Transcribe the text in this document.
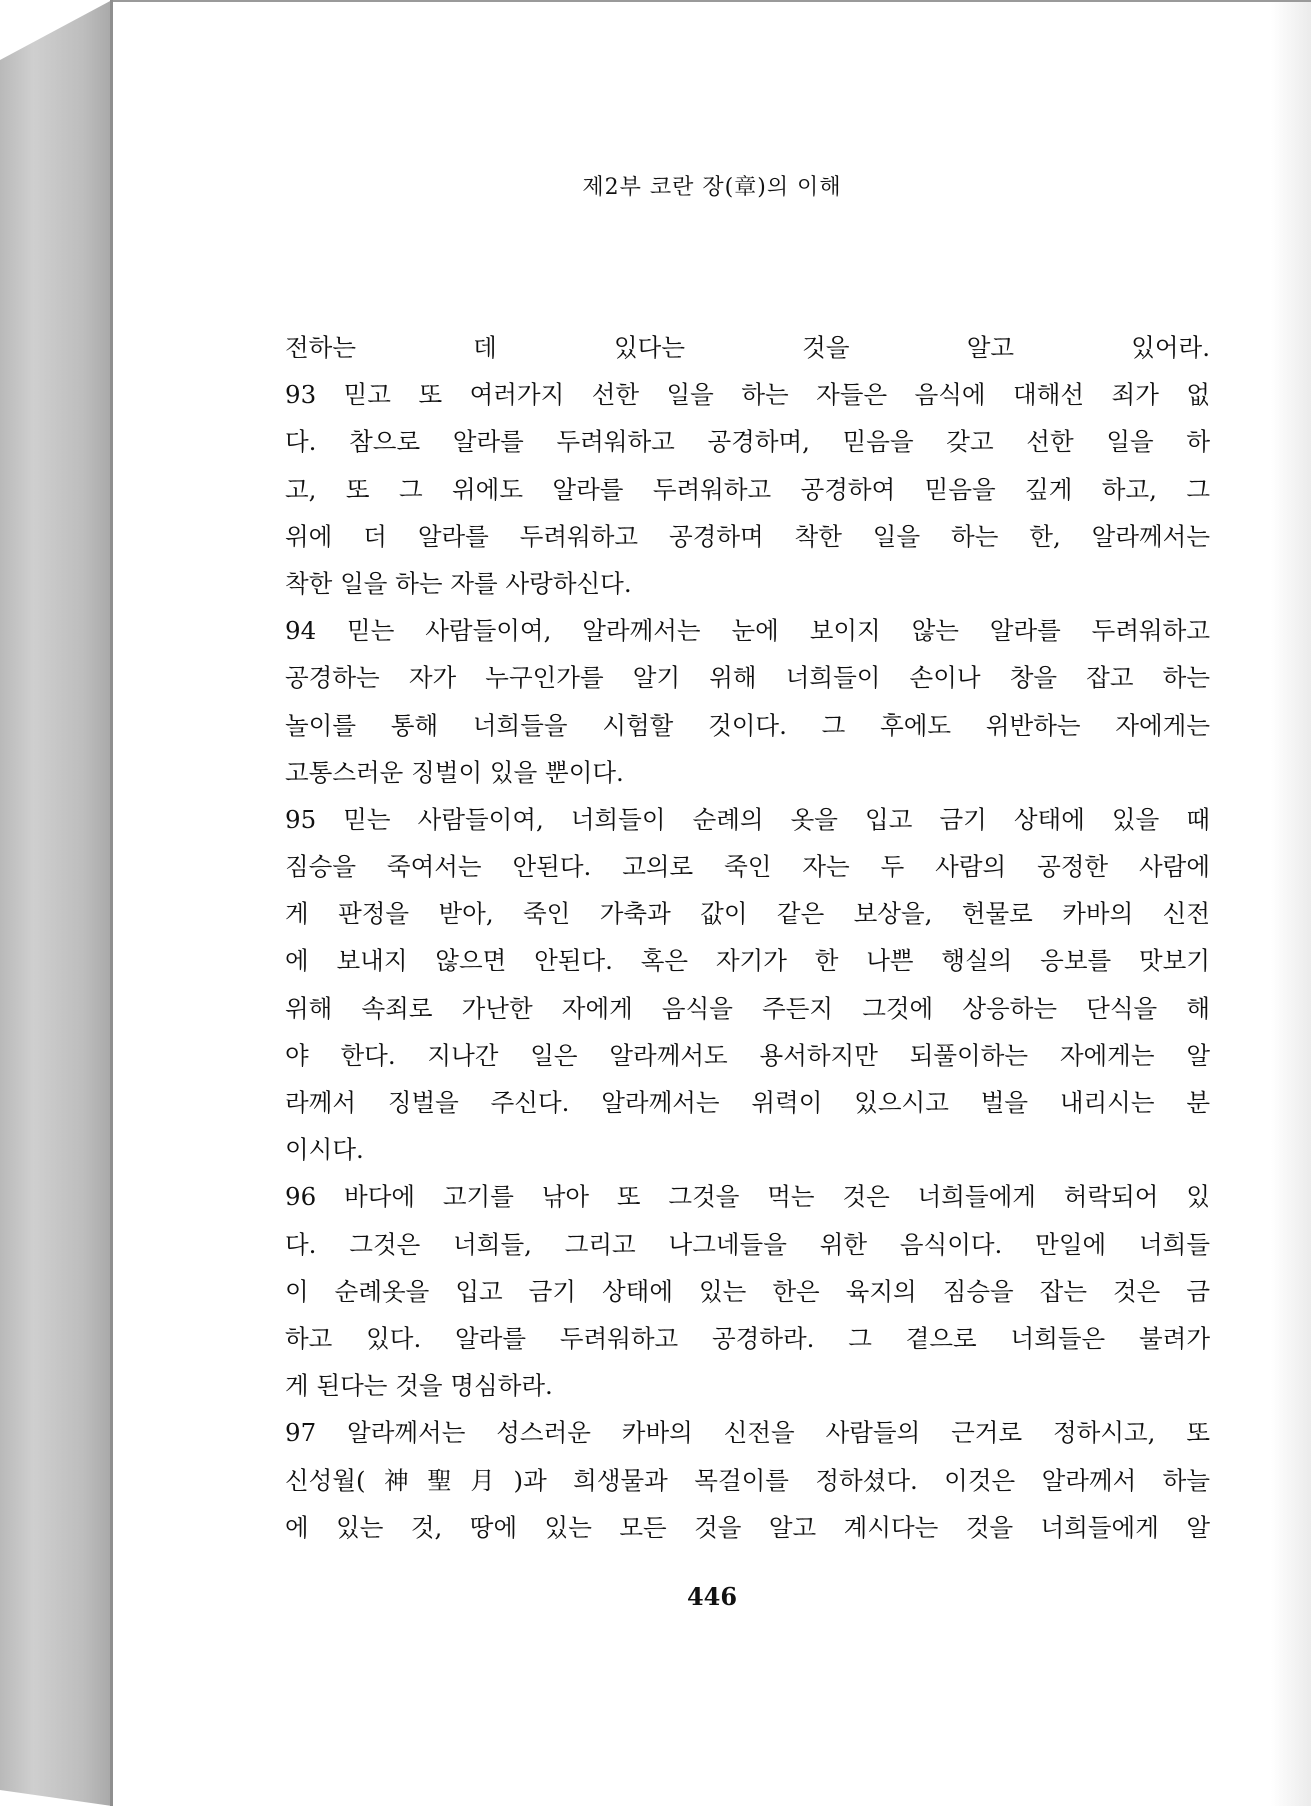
제2부 코란 장(章)의 이해
전하는 데 있다는 것을 알고 있어라.
93 믿고 또 여러가지 선한 일을 하는 자들은 음식에 대해선 죄가 없
다. 참으로 알라를 두려워하고 공경하며, 믿음을 갖고 선한 일을 하
고, 또 그 위에도 알라를 두려워하고 공경하여 믿음을 깊게 하고, 그
위에 더 알라를 두려워하고 공경하며 착한 일을 하는 한, 알라께서는
착한 일을 하는 자를 사랑하신다.
94 믿는 사람들이여, 알라께서는 눈에 보이지 않는 알라를 두려워하고
공경하는 자가 누구인가를 알기 위해 너희들이 손이나 창을 잡고 하는
놀이를 통해 너희들을 시험할 것이다. 그 후에도 위반하는 자에게는
고통스러운 징벌이 있을 뿐이다.
95 믿는 사람들이여, 너희들이 순례의 옷을 입고 금기 상태에 있을 때
짐승을 죽여서는 안된다. 고의로 죽인 자는 두 사람의 공정한 사람에
게 판정을 받아, 죽인 가축과 값이 같은 보상을, 헌물로 카바의 신전
에 보내지 않으면 안된다. 혹은 자기가 한 나쁜 행실의 응보를 맛보기
위해 속죄로 가난한 자에게 음식을 주든지 그것에 상응하는 단식을 해
야 한다. 지나간 일은 알라께서도 용서하지만 되풀이하는 자에게는 알
라께서 징벌을 주신다. 알라께서는 위력이 있으시고 벌을 내리시는 분
이시다.
96 바다에 고기를 낚아 또 그것을 먹는 것은 너희들에게 허락되어 있
다. 그것은 너희들, 그리고 나그네들을 위한 음식이다. 만일에 너희들
이 순례옷을 입고 금기 상태에 있는 한은 육지의 짐승을 잡는 것은 금
하고 있다. 알라를 두려워하고 공경하라. 그 곁으로 너희들은 불려가
게 된다는 것을 명심하라.
97 알라께서는 성스러운 카바의 신전을 사람들의 근거로 정하시고, 또
신성월(神聖月)과 희생물과 목걸이를 정하셨다. 이것은 알라께서 하늘
에 있는 것, 땅에 있는 모든 것을 알고 계시다는 것을 너희들에게 알
446
